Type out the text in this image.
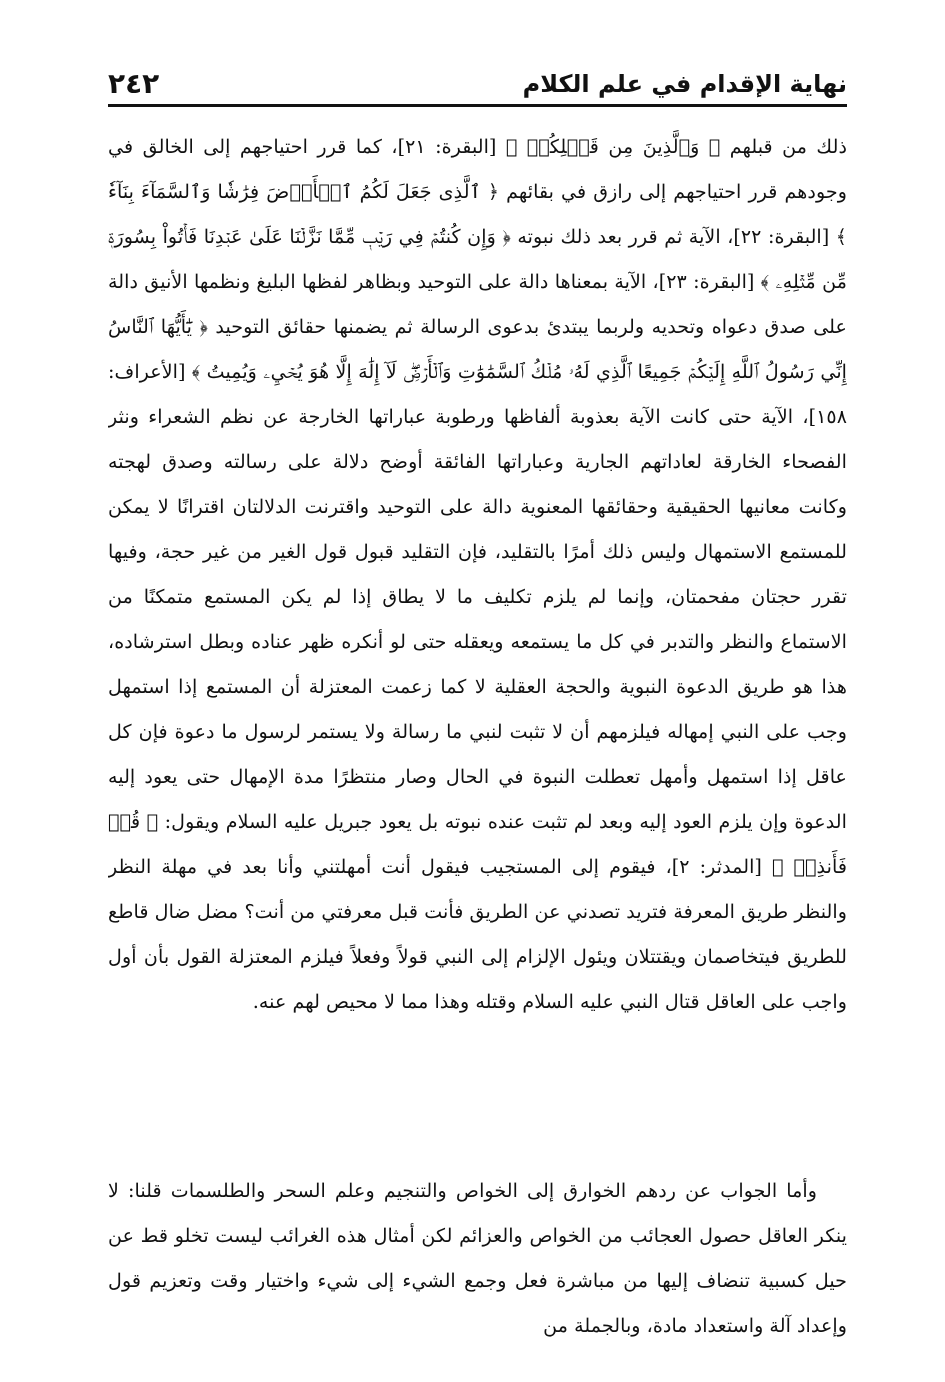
نهاية الإقدام في علم الكلام
٢٤٢

ذلك من قبلهم ﴿ وَٱلَّذِينَ مِن قَبۡلِكُمۡ ﴾ [البقرة: ٢١]، كما قرر احتياجهم إلى الخالق في وجودهم قرر احتياجهم إلى رازق في بقائهم ﴿ ٱلَّذِى جَعَلَ لَكُمُ ٱلۡأَرۡضَ فِرَٰشٗا وَٱلسَّمَآءَ بِنَآءٗ ﴾ [البقرة: ٢٢]، الآية ثم قرر بعد ذلك نبوته ﴿ وَإِن كُنتُمۡ فِي رَيۡبٖ مِّمَّا نَزَّلۡنَا عَلَىٰ عَبۡدِنَا فَأۡتُواْ بِسُورَةٖ مِّن مِّثۡلِهِۦ ﴾ [البقرة: ٢٣]، الآية بمعناها دالة على التوحيد وبظاهر لفظها البليغ ونظمها الأنيق دالة على صدق دعواه وتحديه ولربما يبتدئ بدعوى الرسالة ثم يضمنها حقائق التوحيد ﴿ يَٰٓأَيُّهَا ٱلنَّاسُ إِنِّي رَسُولُ ٱللَّهِ إِلَيۡكُمۡ جَمِيعًا ٱلَّذِي لَهُۥ مُلۡكُ ٱلسَّمَٰوَٰتِ وَٱلۡأَرۡضِۖ لَآ إِلَٰهَ إِلَّا هُوَ يُحۡيِۦ وَيُمِيتُ ﴾ [الأعراف: ١٥٨]، الآية حتى كانت الآية بعذوبة ألفاظها ورطوبة عباراتها الخارجة عن نظم الشعراء ونثر الفصحاء الخارقة لعاداتهم الجارية وعباراتها الفائقة أوضح دلالة على رسالته وصدق لهجته وكانت معانيها الحقيقية وحقائقها المعنوية دالة على التوحيد واقترنت الدلالتان اقترانًا لا يمكن للمستمع الاستمهال وليس ذلك أمرًا بالتقليد، فإن التقليد قبول قول الغير من غير حجة، وفيها تقرر حجتان مفحمتان، وإنما لم يلزم تكليف ما لا يطاق إذا لم يكن المستمع متمكنًا من الاستماع والنظر والتدبر في كل ما يستمعه ويعقله حتى لو أنكره ظهر عناده وبطل استرشاده، هذا هو طريق الدعوة النبوية والحجة العقلية لا كما زعمت المعتزلة أن المستمع إذا استمهل وجب على النبي إمهاله فيلزمهم أن لا تثبت لنبي ما رسالة ولا يستمر لرسول ما دعوة فإن كل عاقل إذا استمهل وأمهل تعطلت النبوة في الحال وصار منتظرًا مدة الإمهال حتى يعود إليه الدعوة وإن يلزم العود إليه وبعد لم تثبت عنده نبوته بل يعود جبريل عليه السلام ويقول: ﴿ قُمۡ فَأَنذِرۡ ﴾ [المدثر: ٢]، فيقوم إلى المستجيب فيقول أنت أمهلتني وأنا بعد في مهلة النظر والنظر طريق المعرفة فتريد تصدني عن الطريق فأنت قبل معرفتي من أنت؟ مضل ضال قاطع للطريق فيتخاصمان ويقتتلان ويئول الإلزام إلى النبي قولاً وفعلاً فيلزم المعتزلة القول بأن أول واجب على العاقل قتال النبي عليه السلام وقتله وهذا مما لا محيص لهم عنه.

وأما الجواب عن ردهم الخوارق إلى الخواص والتنجيم وعلم السحر والطلسمات قلنا: لا ينكر العاقل حصول العجائب من الخواص والعزائم لكن أمثال هذه الغرائب ليست تخلو قط عن حيل كسبية تنضاف إليها من مباشرة فعل وجمع الشيء إلى شيء واختيار وقت وتعزيم قول وإعداد آلة واستعداد مادة، وبالجملة من
